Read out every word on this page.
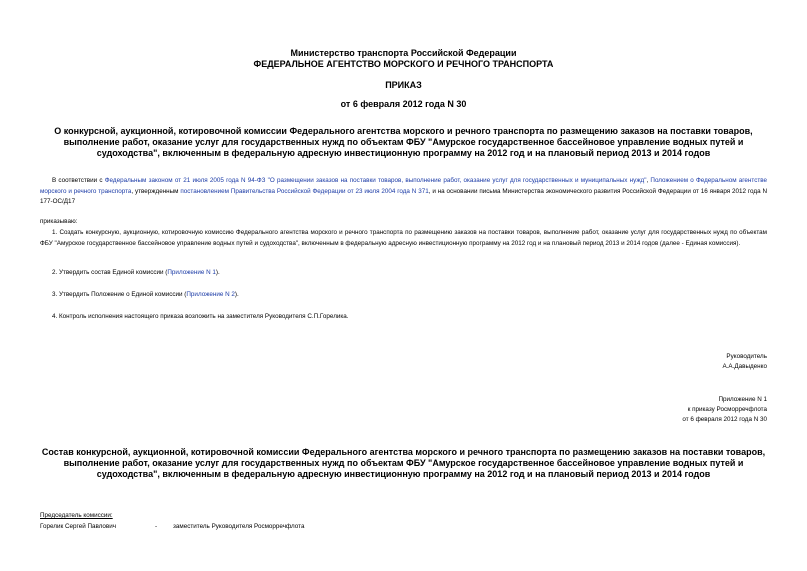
Министерство транспорта Российской Федерации
ФЕДЕРАЛЬНОЕ АГЕНТСТВО МОРСКОГО И РЕЧНОГО ТРАНСПОРТА
ПРИКАЗ
от 6 февраля 2012 года N 30
О конкурсной, аукционной, котировочной комиссии Федерального агентства морского и речного транспорта по размещению заказов на поставки товаров, выполнение работ, оказание услуг для государственных нужд по объектам ФБУ "Амурское государственное бассейновое управление водных путей и судоходства", включенным в федеральную адресную инвестиционную программу на 2012 год и на плановый период 2013 и 2014 годов
В соответствии с Федеральным законом от 21 июля 2005 года N 94-ФЗ "О размещении заказов на поставки товаров, выполнение работ, оказание услуг для государственных и муниципальных нужд", Положением о Федеральном агентстве морского и речного транспорта, утвержденным постановлением Правительства Российской Федерации от 23 июля 2004 года N 371, и на основании письма Министерства экономического развития Российской Федерации от 16 января 2012 года N 177-ОС/Д17
приказываю:
1. Создать конкурсную, аукционную, котировочную комиссию Федерального агентства морского и речного транспорта по размещению заказов на поставки товаров, выполнение работ, оказание услуг для государственных нужд по объектам ФБУ "Амурское государственное бассейновое управление водных путей и судоходства", включенным в федеральную адресную инвестиционную программу на 2012 год и на плановый период 2013 и 2014 годов (далее - Единая комиссия).
2. Утвердить состав Единой комиссии (Приложение N 1).
3. Утвердить Положение о Единой комиссии (Приложение N 2).
4. Контроль исполнения настоящего приказа возложить на заместителя Руководителя С.П.Горелика.
Руководитель
А.А.Давыденко
Приложение N 1
к приказу Росморречфлота
от 6 февраля 2012 года N 30
Состав конкурсной, аукционной, котировочной комиссии Федерального агентства морского и речного транспорта по размещению заказов на поставки товаров, выполнение работ, оказание услуг для государственных нужд по объектам ФБУ "Амурское государственное бассейновое управление водных путей и судоходства", включенным в федеральную адресную инвестиционную программу на 2012 год и на плановый период 2013 и 2014 годов
Председатель комиссии:
Горелик Сергей Павлович	-	заместитель Руководителя Росморречфлота
